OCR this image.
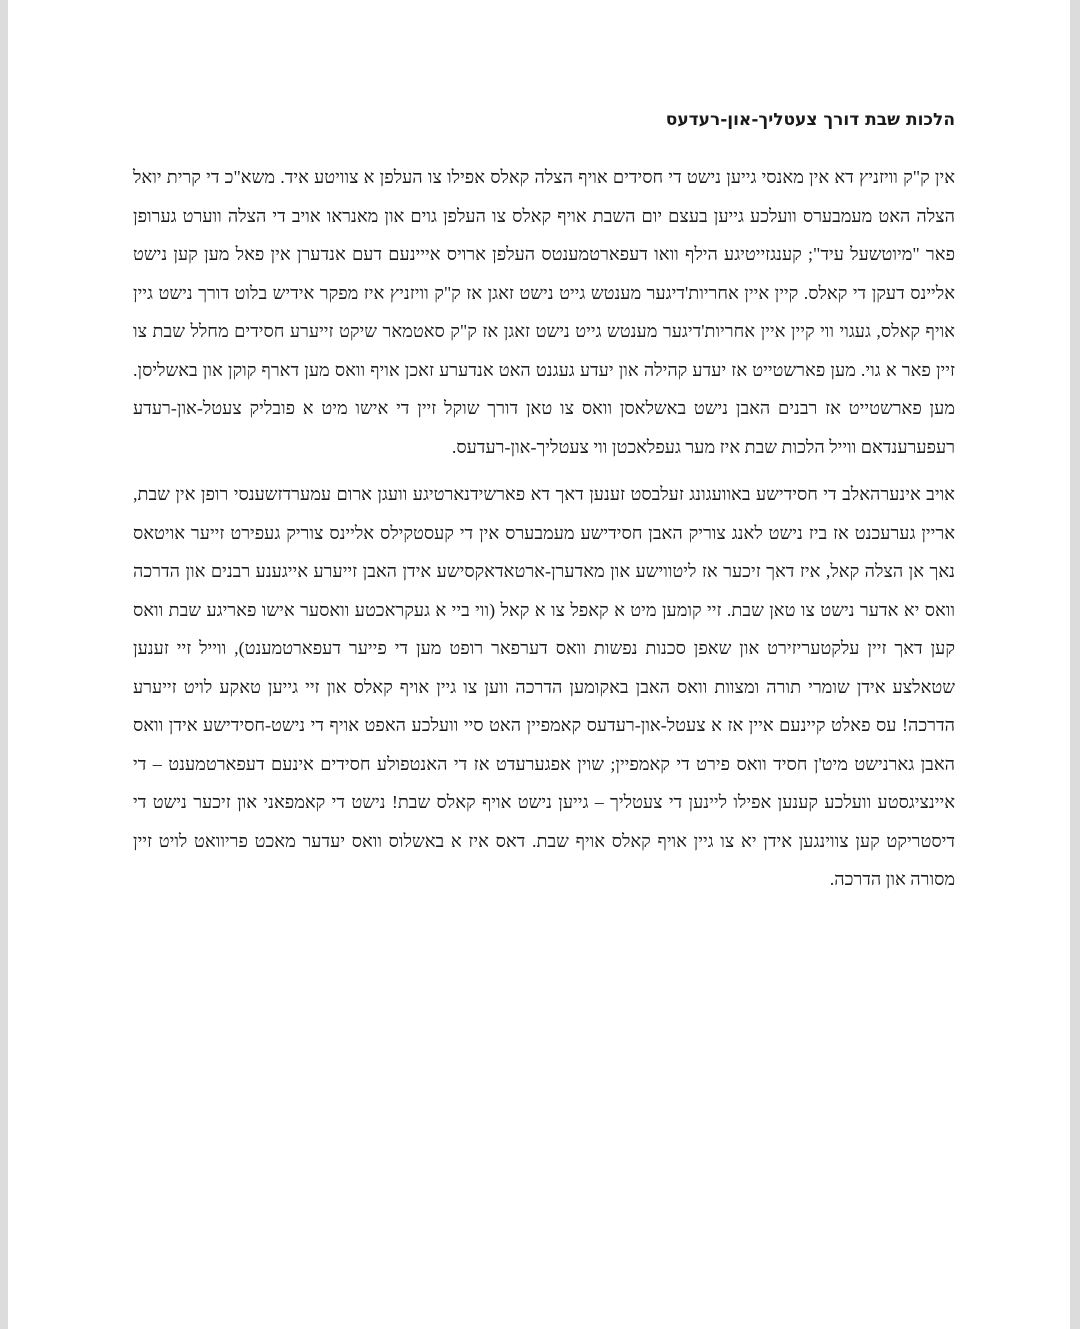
הלכות שבת דורך צעטליך-און-רעדעס

אין ק"ק וויזניץ דא אין מאנסי גייען נישט די חסידים אויף הצלה קאלס אפילו צו העלפן א צוויטע איד. משא"כ די קרית יואל הצלה האט מעמבערס וועלכע גייען בעצם יום השבת אויף קאלס צו העלפן גוים און מאנראו אויב די הצלה ווערט גערופן פאר "מיוטשעל עיד"; קענגזייטיגע הילף וואו דעפארטמענטס העלפן ארויס אייינעם דעם אנדערן אין פאל מען קען נישט אליינס דעקן די קאלס. קיין איין אחריות'דיגער מענטש גייט נישט זאגן אז ק"ק וויזניץ איז מפקר אידיש בלוט דורך נישט גיין אויף קאלס, געגוי ווי קיין איין אחריות'דיגער מענטש גייט נישט זאגן אז ק"ק סאטמאר שיקט זייערע חסידים מחלל שבת צו זיין פאר א גוי. מען פארשטייט אז יעדע קהילה און יעדע געגנט האט אנדערע זאכן אויף וואס מען דארף קוקן און באשליסן. מען פארשטייט אז רבנים האבן נישט באשלאסן וואס צו טאן דורך שוקל זיין די אישו מיט א פובליק צעטל-און-רעדע רעפערענדאם ווייל הלכות שבת איז מער געפלאכטן ווי צעטליך-און-רעדעס.

אויב אינערהאלב די חסידישע באוועגונג זעלבסט זענען דאך דא פארשידנארטיגע וועגן ארום עמערדזשענסי רופן אין שבת, אריין גערעכנט אז ביז נישט לאנג צוריק האבן חסידישע מעמבערס אין די קעסטקילס אליינס צוריק געפירט זייער אויטאס נאך אן הצלה קאל, איז דאך זיכער אז ליטווישע און מאדערן-ארטאדאקסישע אידן האבן זייערע אייגענע רבנים און הדרכה וואס יא אדער נישט צו טאן שבת. זיי קומען מיט א קאפל צו א קאל (ווי ביי א געקראכטע וואסער אישו פאריגע שבת וואס קען דאך זיין עלקטעריזירט און שאפן סכנות נפשות וואס דערפאר רופט מען די פייער דעפארטמענט), ווייל זיי זענען שטאלצע אידן שומרי תורה ומצוות וואס האבן באקומען הדרכה ווען צו גיין אויף קאלס און זיי גייען טאקע לויט זייערע הדרכה! עס פאלט קיינעם איין אז א צעטל-און-רעדעס קאמפיין האט סיי וועלכע האפט אויף די נישט-חסידישע אידן וואס האבן גארנישט מיט'ן חסיד וואס פירט די קאמפיין; שוין אפגערעדט אז די האנטפולע חסידים אינעם דעפארטמענט – די איינציגסטע וועלכע קענען אפילו ליינען די צעטליך – גייען נישט אויף קאלס שבת! נישט די קאמפאני און זיכער נישט די דיסטריקט קען צווינגען אידן יא צו גיין אויף קאלס אויף שבת. דאס איז א באשלוס וואס יעדער מאכט פריוואט לויט זיין מסורה און הדרכה.
